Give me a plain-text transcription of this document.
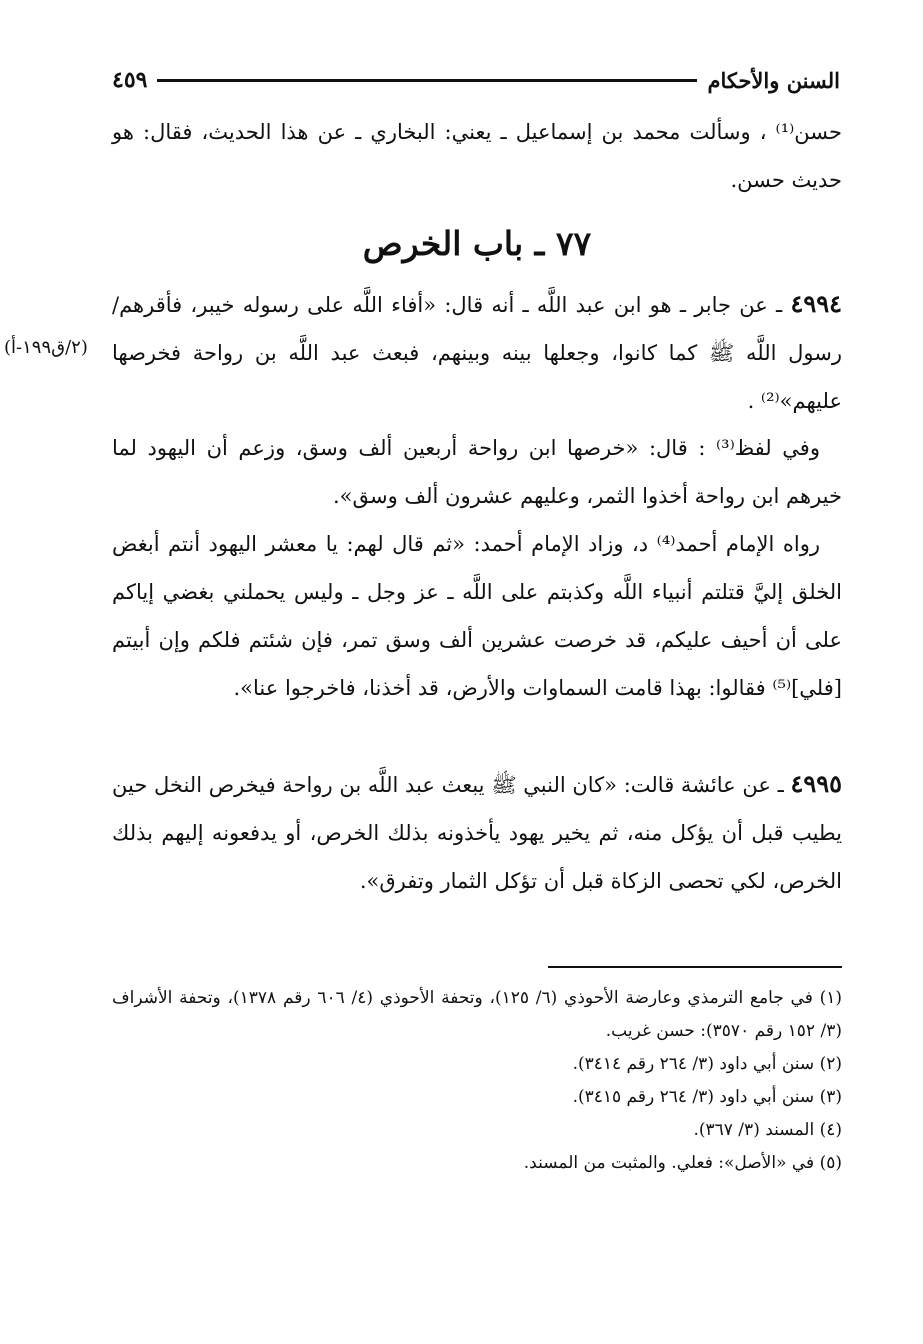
السنن والأحكام
٤٥٩

حسن⁽¹⁾ ، وسألت محمد بن إسماعيل ـ يعني: البخاري ـ عن هذا الحديث، فقال: هو حديث حسن.

٧٧ ـ باب الخرص

٤٩٩٤ ـ عن جابر ـ هو ابن عبد اللَّه ـ أنه قال: «أفاء اللَّه على رسوله خيبر، فأقرهم/ رسول اللَّه ﷺ كما كانوا، وجعلها بينه وبينهم، فبعث عبد اللَّه بن رواحة فخرصها عليهم»⁽²⁾ .

(٢/ق١٩٩-أ)

وفي لفظ⁽³⁾ : قال: «خرصها ابن رواحة أربعين ألف وسق، وزعم أن اليهود لما خيرهم ابن رواحة أخذوا الثمر، وعليهم عشرون ألف وسق».

رواه الإمام أحمد⁽⁴⁾ د، وزاد الإمام أحمد: «ثم قال لهم: يا معشر اليهود أنتم أبغض الخلق إليَّ قتلتم أنبياء اللَّه وكذبتم على اللَّه ـ عز وجل ـ وليس يحملني بغضي إياكم على أن أحيف عليكم، قد خرصت عشرين ألف وسق تمر، فإن شئتم فلكم وإن أبيتم [فلي]⁽⁵⁾ فقالوا: بهذا قامت السماوات والأرض، قد أخذنا، فاخرجوا عنا».

٤٩٩٥ ـ عن عائشة قالت: «كان النبي ﷺ يبعث عبد اللَّه بن رواحة فيخرص النخل حين يطيب قبل أن يؤكل منه، ثم يخير يهود يأخذونه بذلك الخرص، أو يدفعونه إليهم بذلك الخرص، لكي تحصى الزكاة قبل أن تؤكل الثمار وتفرق».

(١) في جامع الترمذي وعارضة الأحوذي (٦/ ١٢٥)، وتحفة الأحوذي (٤/ ٦٠٦ رقم ١٣٧٨)، وتحفة الأشراف (٣/ ١٥٢ رقم ٣٥٧٠): حسن غريب.

(٢) سنن أبي داود (٣/ ٢٦٤ رقم ٣٤١٤).

(٣) سنن أبي داود (٣/ ٢٦٤ رقم ٣٤١٥).

(٤) المسند (٣/ ٣٦٧).

(٥) في «الأصل»: فعلي. والمثبت من المسند.
